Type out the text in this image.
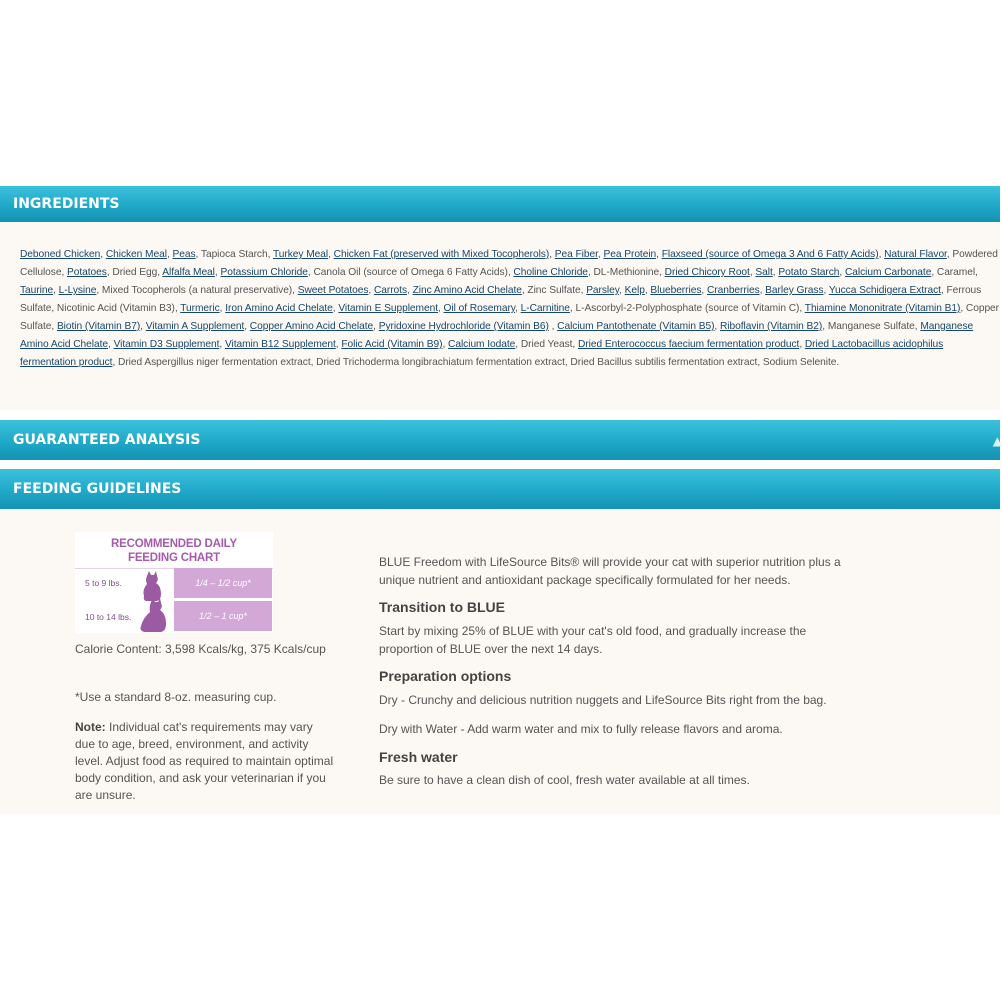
INGREDIENTS
Deboned Chicken, Chicken Meal, Peas, Tapioca Starch, Turkey Meal, Chicken Fat (preserved with Mixed Tocopherols), Pea Fiber, Pea Protein, Flaxseed (source of Omega 3 And 6 Fatty Acids), Natural Flavor, Powdered Cellulose, Potatoes, Dried Egg, Alfalfa Meal, Potassium Chloride, Canola Oil (source of Omega 6 Fatty Acids), Choline Chloride, DL-Methionine, Dried Chicory Root, Salt, Potato Starch, Calcium Carbonate, Caramel, Taurine, L-Lysine, Mixed Tocopherols (a natural preservative), Sweet Potatoes, Carrots, Zinc Amino Acid Chelate, Zinc Sulfate, Parsley, Kelp, Blueberries, Cranberries, Barley Grass, Yucca Schidigera Extract, Ferrous Sulfate, Nicotinic Acid (Vitamin B3), Turmeric, Iron Amino Acid Chelate, Vitamin E Supplement, Oil of Rosemary, L-Carnitine, L-Ascorbyl-2-Polyphosphate (source of Vitamin C), Thiamine Mononitrate (Vitamin B1), Copper Sulfate, Biotin (Vitamin B7), Vitamin A Supplement, Copper Amino Acid Chelate, Pyridoxine Hydrochloride (Vitamin B6) , Calcium Pantothenate (Vitamin B5), Riboflavin (Vitamin B2), Manganese Sulfate, Manganese Amino Acid Chelate, Vitamin D3 Supplement, Vitamin B12 Supplement, Folic Acid (Vitamin B9), Calcium Iodate, Dried Yeast, Dried Enterococcus faecium fermentation product, Dried Lactobacillus acidophilus fermentation product, Dried Aspergillus niger fermentation extract, Dried Trichoderma longibrachiatum fermentation extract, Dried Bacillus subtilis fermentation extract, Sodium Selenite.
GUARANTEED ANALYSIS	▲
FEEDING GUIDELINES
RECOMMENDED DAILY
FEEDING CHART
5 to 9 lbs.	1/4 – 1/2 cup*
10 to 14 lbs.	1/2 – 1 cup*
Calorie Content: 3,598 Kcals/kg, 375 Kcals/cup
*Use a standard 8-oz. measuring cup.
Note: Individual cat's requirements may vary due to age, breed, environment, and activity level. Adjust food as required to maintain optimal body condition, and ask your veterinarian if you are unsure.
BLUE Freedom with LifeSource Bits® will provide your cat with superior nutrition plus a unique nutrient and antioxidant package specifically formulated for her needs.
Transition to BLUE
Start by mixing 25% of BLUE with your cat's old food, and gradually increase the proportion of BLUE over the next 14 days.
Preparation options
Dry - Crunchy and delicious nutrition nuggets and LifeSource Bits right from the bag.
Dry with Water - Add warm water and mix to fully release flavors and aroma.
Fresh water
Be sure to have a clean dish of cool, fresh water available at all times.
